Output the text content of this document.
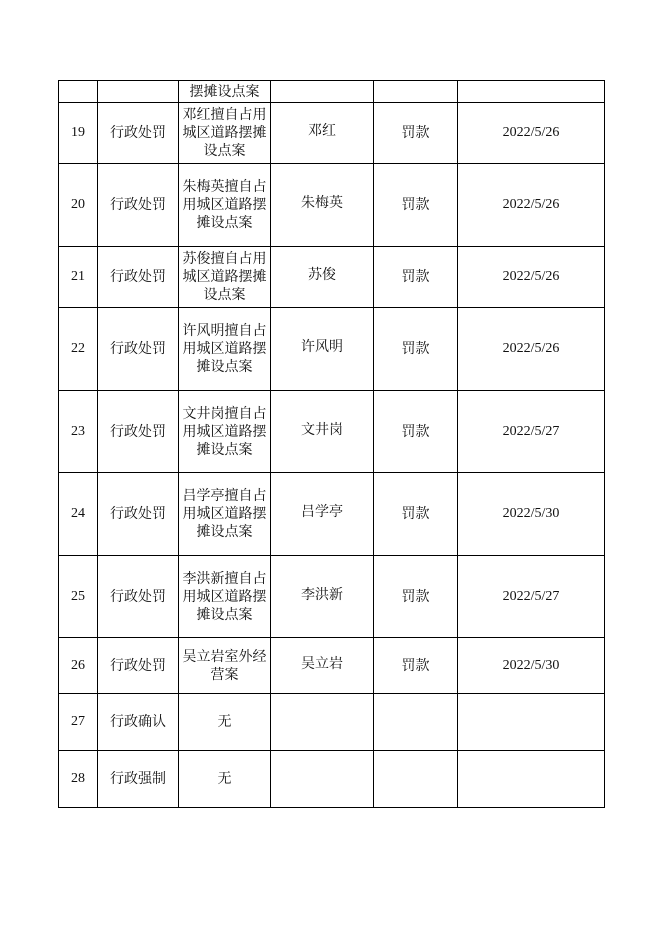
		摆摊设点案			
19	行政处罚	邓红擅自占用城区道路摆摊设点案	邓红	罚款	2022/5/26
20	行政处罚	朱梅英擅自占用城区道路摆摊设点案	朱梅英	罚款	2022/5/26
21	行政处罚	苏俊擅自占用城区道路摆摊设点案	苏俊	罚款	2022/5/26
22	行政处罚	许风明擅自占用城区道路摆摊设点案	许风明	罚款	2022/5/26
23	行政处罚	文井岗擅自占用城区道路摆摊设点案	文井岗	罚款	2022/5/27
24	行政处罚	吕学亭擅自占用城区道路摆摊设点案	吕学亭	罚款	2022/5/30
25	行政处罚	李洪新擅自占用城区道路摆摊设点案	李洪新	罚款	2022/5/27
26	行政处罚	吴立岩室外经营案	吴立岩	罚款	2022/5/30
27	行政确认	无			
28	行政强制	无			
